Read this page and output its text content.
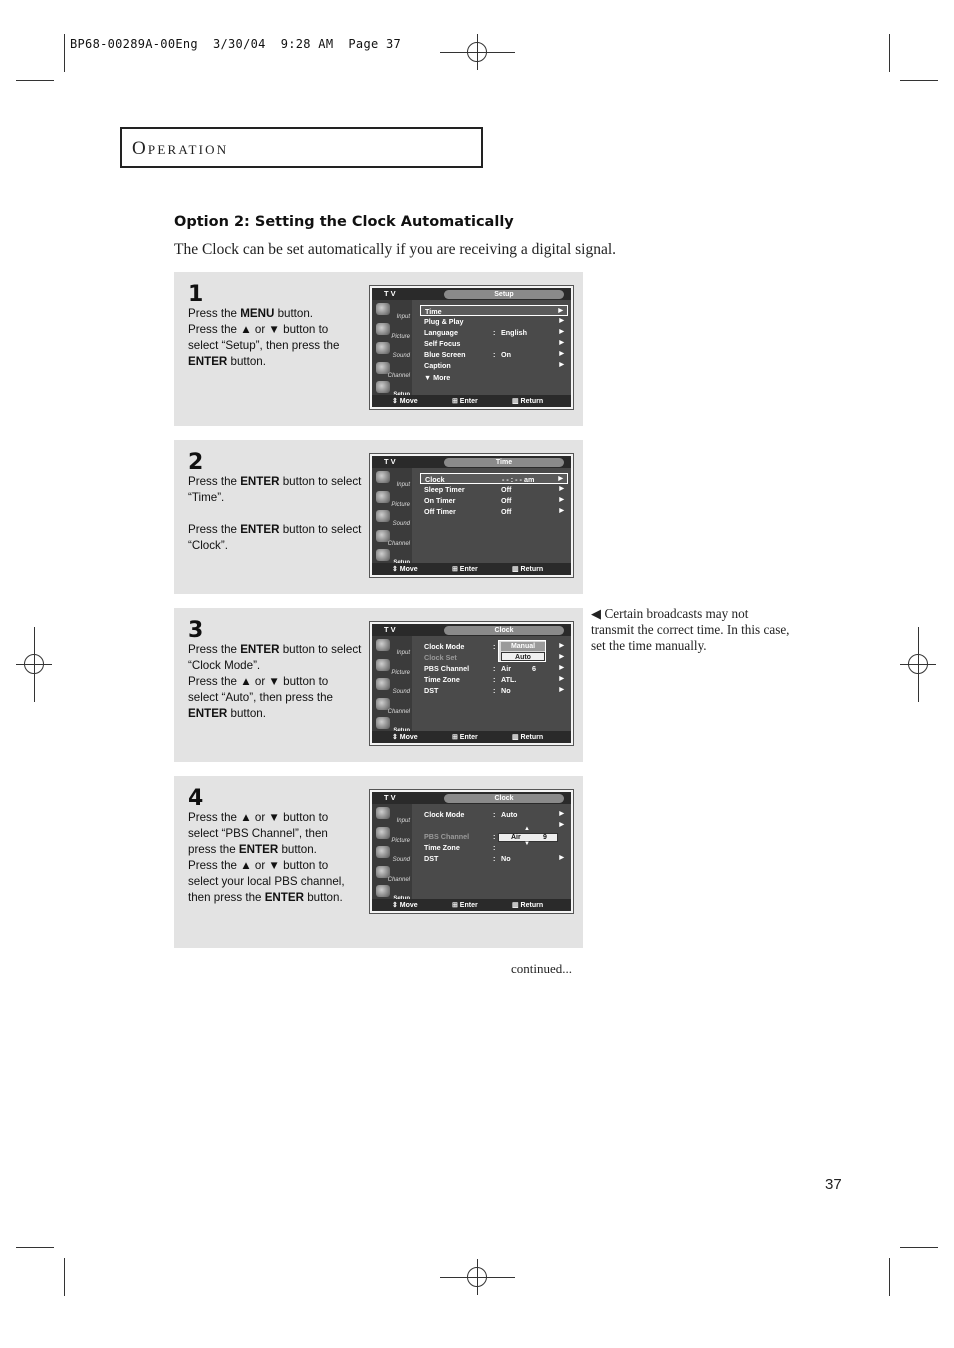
BP68-00289A-00Eng  3/30/04  9:28 AM  Page 37
OPERATION
Option 2: Setting the Clock Automatically
The Clock can be set automatically if you are receiving a digital signal.
1
Press the MENU button.
Press the ▲ or ▼ button to
select “Setup”, then press the
ENTER button.
T V	Setup
Input
Picture
Sound
Channel
Time	▶
Plug & Play	▶
Language	: English	▶
Self Focus	▶
Blue Screen	: On	▶
Caption	▶
▼ More
⇕ Move	⊞ Enter	▥ Return
2
Press the ENTER button to select
“Time”.

Press the ENTER button to select
“Clock”.
T V	Time
Input
Picture
Sound
Channel
Clock	- - : - - am	▶
Sleep Timer	Off	▶
On Timer	Off	▶
Off Timer	Off	▶
⇕ Move	⊞ Enter	▥ Return
3
Press the ENTER button to select
“Clock Mode”.
Press the ▲ or ▼ button to
select “Auto”, then press the
ENTER button.
T V	Clock
Input
Picture
Sound
Channel
Clock Mode	:	▶
Clock Set	▶
PBS Channel	: Air	6	▶
Time Zone	: ATL.	▶
DST	: No	▶
Manual
Auto
⇕ Move	⊞ Enter	▥ Return
4
Press the ▲ or ▼ button to
select “PBS Channel”, then
press the ENTER button.
Press the ▲ or ▼ button to
select your local PBS channel,
then press the ENTER button.
T V	Clock
Input
Picture
Sound
Channel
Clock Mode	: Auto	▶
▶
PBS Channel	:
Time Zone	:
DST	: No	▶
▲
Air	9
▼
⇕ Move	⊞ Enter	▥ Return
◀ Certain broadcasts may not transmit the correct time. In this case, set the time manually.
continued...
37
